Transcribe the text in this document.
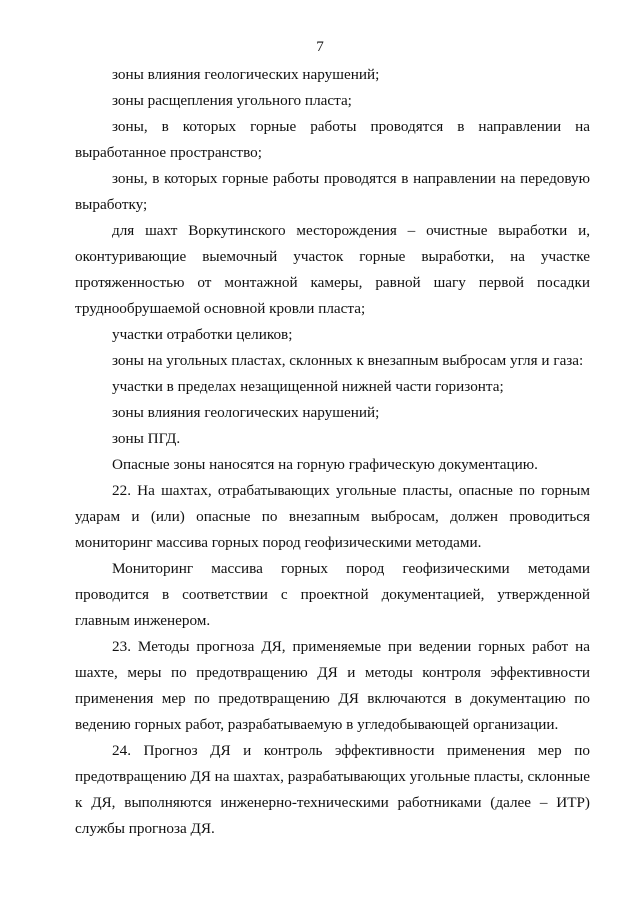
7

зоны влияния геологических нарушений;

зоны расщепления угольного пласта;

зоны, в которых горные работы проводятся в направлении на выработанное пространство;

зоны, в которых горные работы проводятся в направлении на передовую выработку;

для шахт Воркутинского месторождения – очистные выработки и, оконтуривающие выемочный участок горные выработки, на участке протяженностью от монтажной камеры, равной шагу первой посадки труднообрушаемой основной кровли пласта;

участки отработки целиков;

зоны на угольных пластах, склонных к внезапным выбросам угля и газа:

участки в пределах незащищенной нижней части горизонта;

зоны влияния геологических нарушений;

зоны ПГД.

Опасные зоны наносятся на горную графическую документацию.

22. На шахтах, отрабатывающих угольные пласты, опасные по горным ударам и (или) опасные по внезапным выбросам, должен проводиться мониторинг массива горных пород геофизическими методами.

Мониторинг массива горных пород геофизическими методами проводится в соответствии с проектной документацией, утвержденной главным инженером.

23. Методы прогноза ДЯ, применяемые при ведении горных работ на шахте, меры по предотвращению ДЯ и методы контроля эффективности применения мер по предотвращению ДЯ включаются в документацию по ведению горных работ, разрабатываемую в угледобывающей организации.

24. Прогноз ДЯ и контроль эффективности применения мер по предотвращению ДЯ на шахтах, разрабатывающих угольные пласты, склонные к ДЯ, выполняются инженерно-техническими работниками (далее – ИТР) службы прогноза ДЯ.
